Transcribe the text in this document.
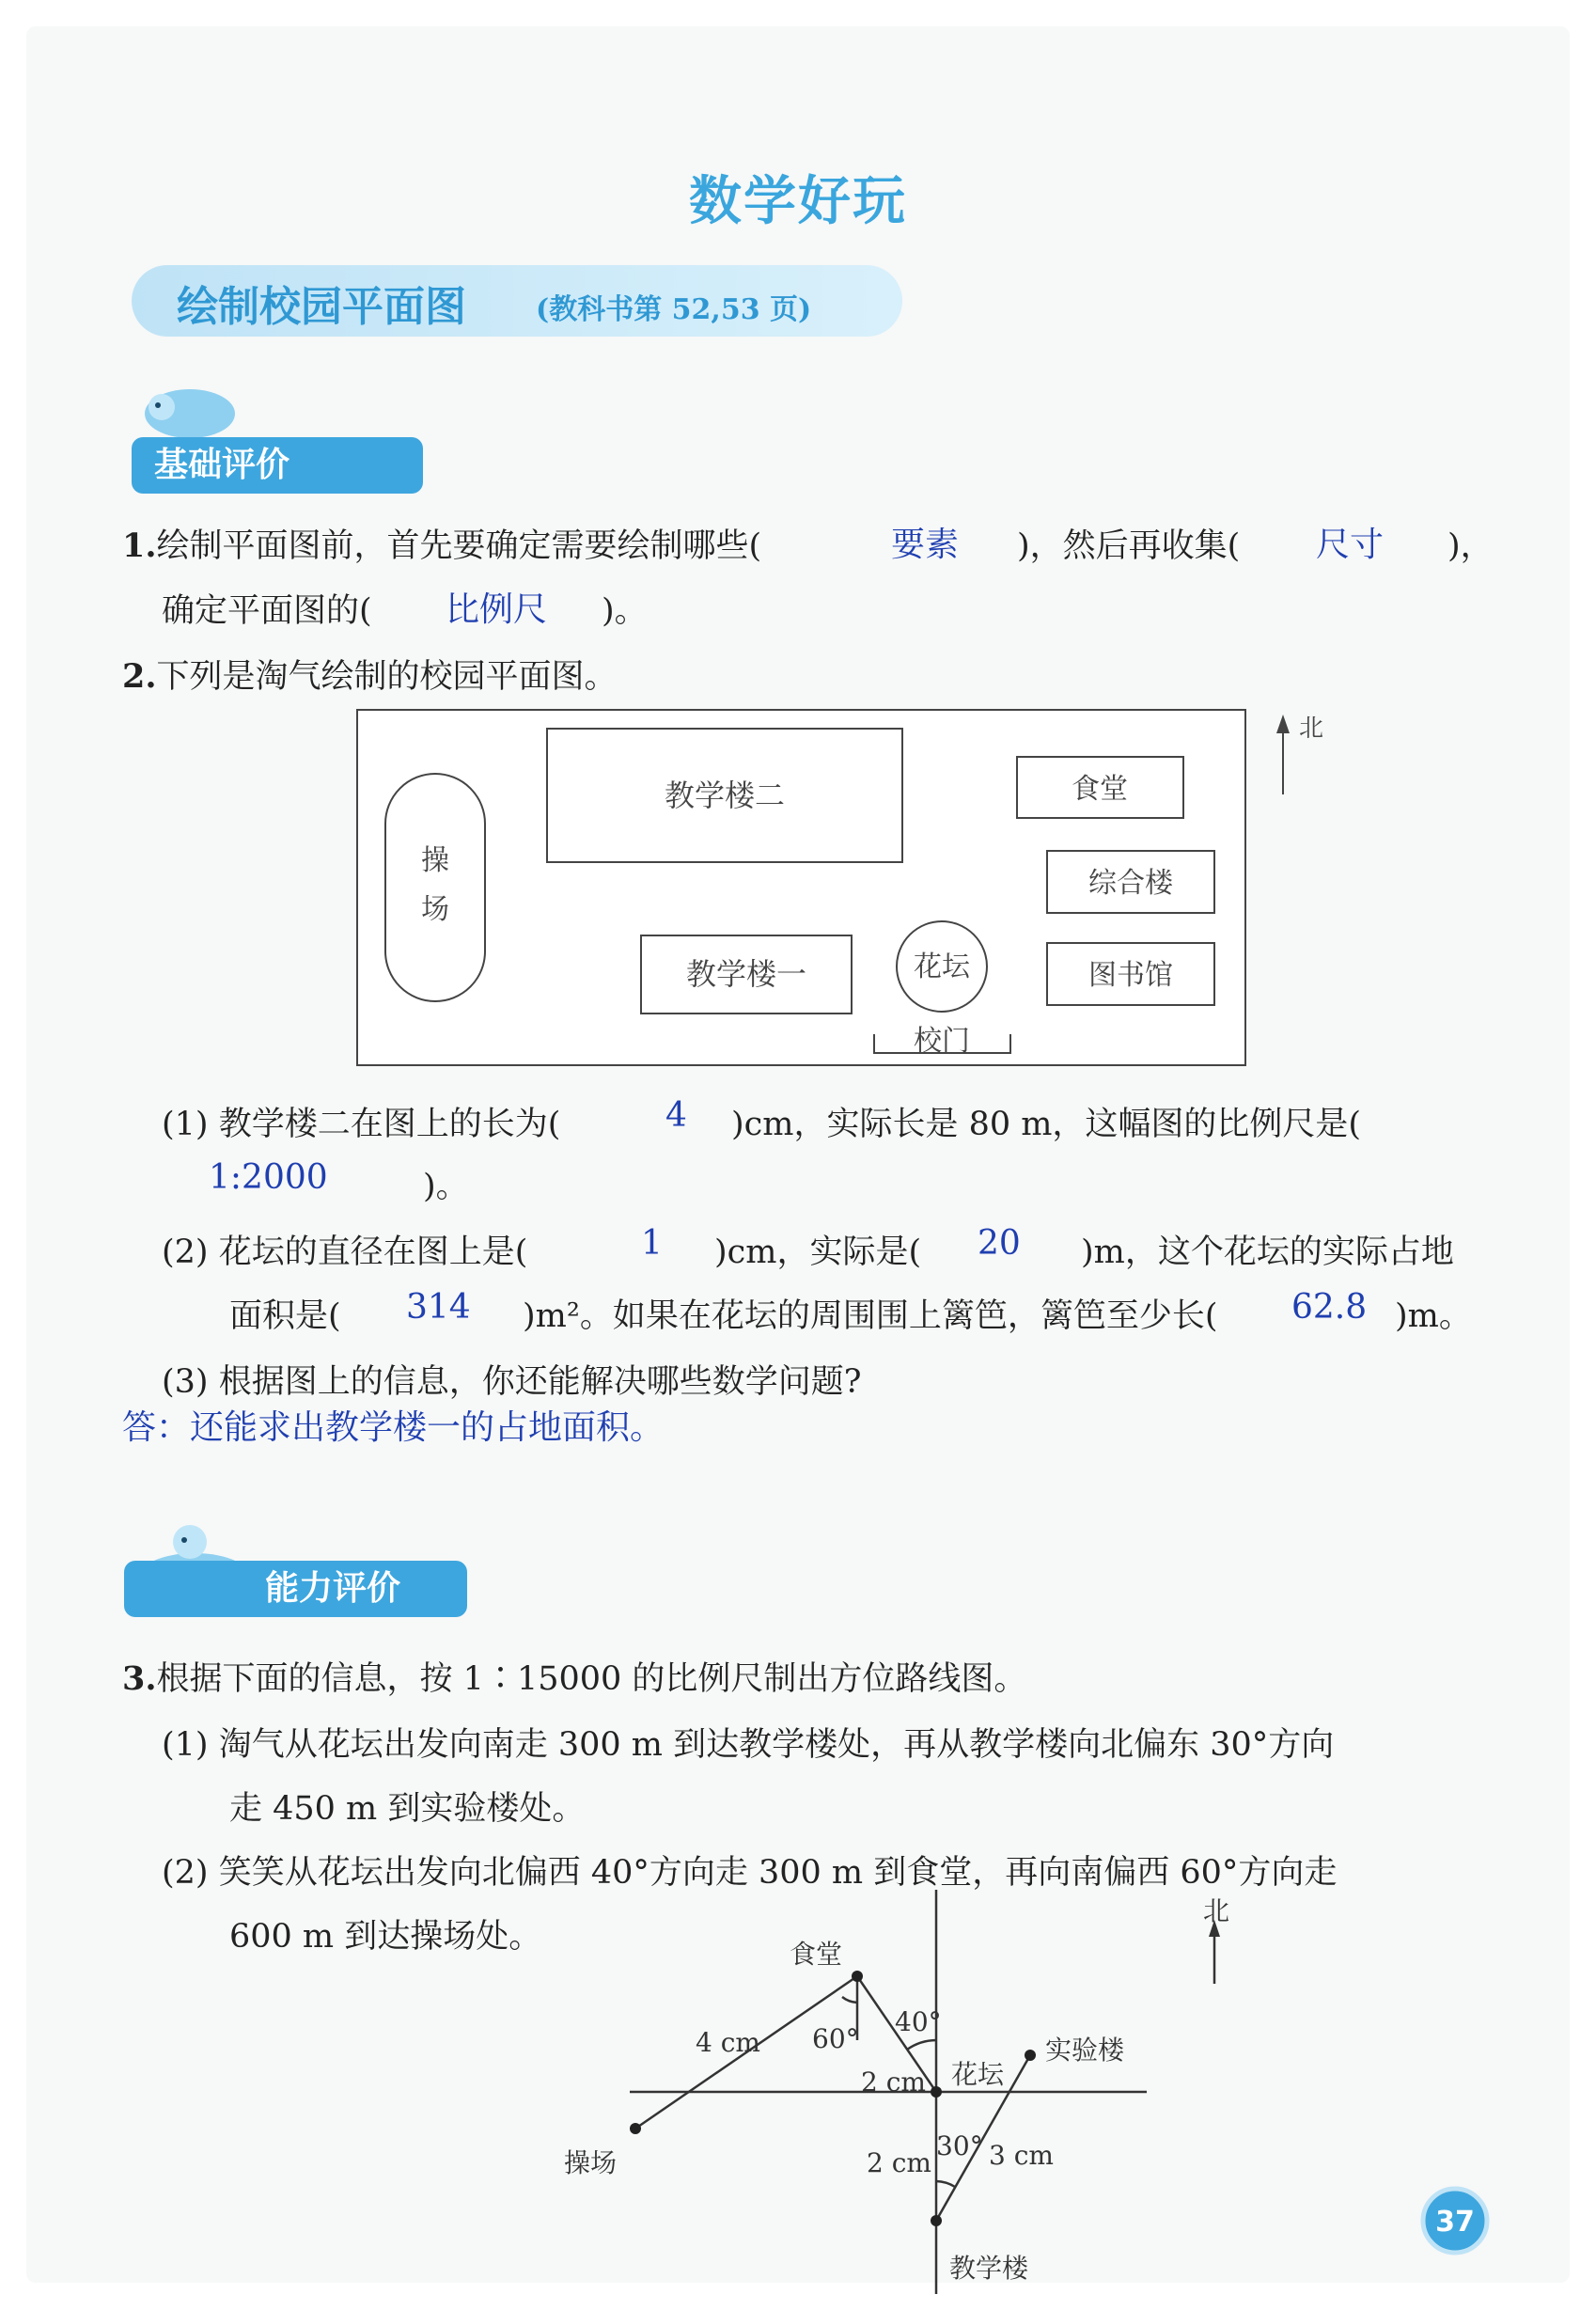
数学好玩
绘制校园平面图 (教科书第 52,53 页)
基础评价
1.绘制平面图前，首先要确定需要绘制哪些(	要素 )，然后再收集( 尺寸 )，
确定平面图的( 比例尺 )。
2.下列是淘气绘制的校园平面图。
操
场
教学楼二	食堂
综合楼
教学楼一	花坛	图书馆
校门
北
(1) 教学楼二在图上的长为(	4 )cm，实际长是 80 m，这幅图的比例尺是(
1:2000	)。
(2) 花坛的直径在图上是(	1 )cm，实际是( 20 )m，这个花坛的实际占地
面积是( 314 )m²。如果在花坛的周围围上篱笆，篱笆至少长( 62.8 )m。
(3) 根据图上的信息，你还能解决哪些数学问题?
答：还能求出教学楼一的占地面积。
能力评价
3.根据下面的信息，按 1∶15000 的比例尺制出方位路线图。
(1) 淘气从花坛出发向南走 300 m 到达教学楼处，再从教学楼向北偏东 30°方向
走 450 m 到实验楼处。
(2) 笑笑从花坛出发向北偏西 40°方向走 300 m 到食堂，再向南偏西 60°方向走
600 m 到达操场处。
北
食堂
4 cm 60°
40°
2 cm 花坛
实验楼
操场	2 cm
30° 3 cm
教学楼
37
